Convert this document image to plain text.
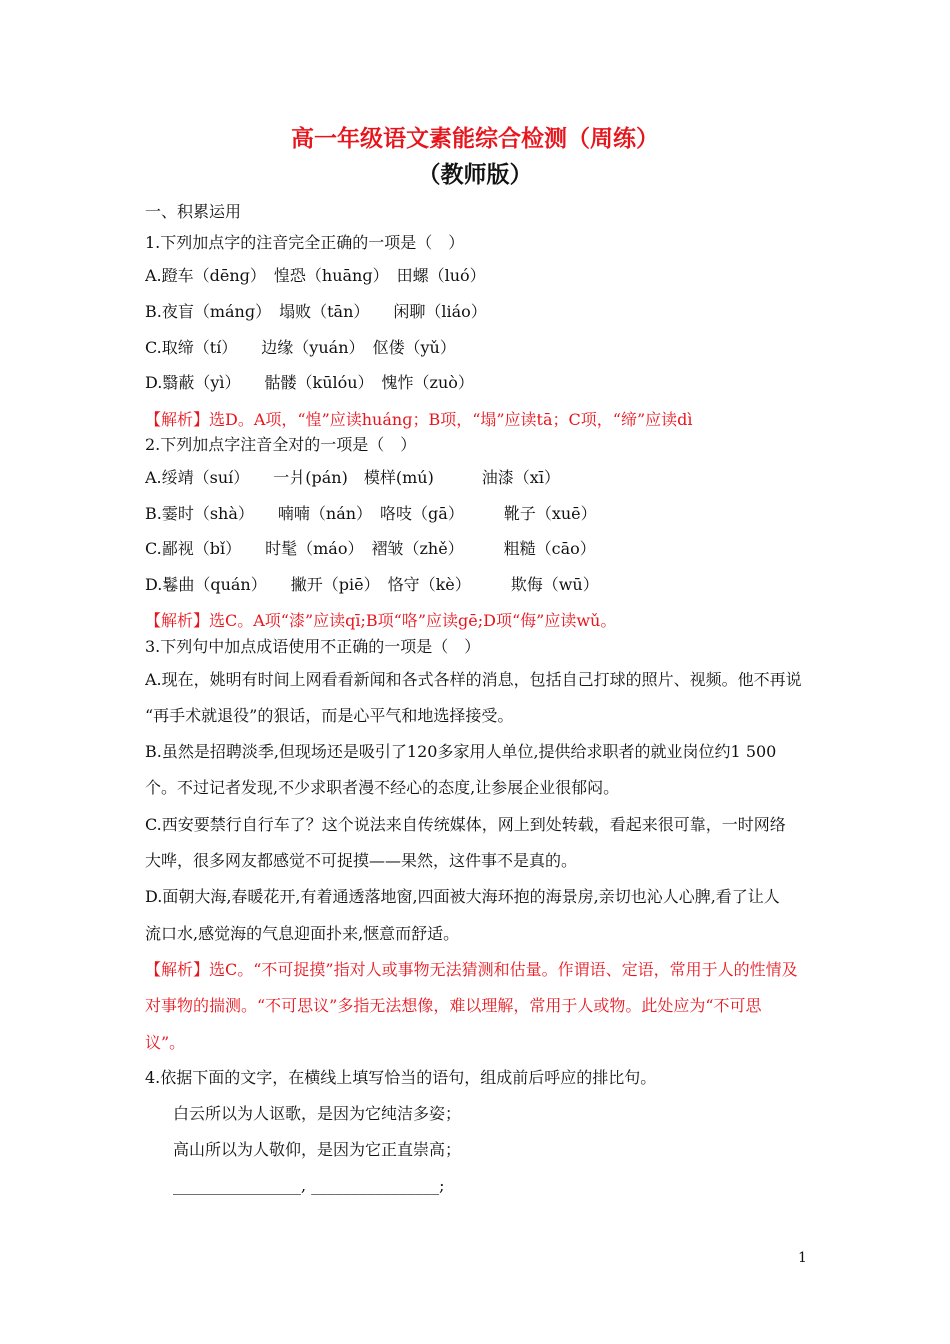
高一年级语文素能综合检测（周练）
（教师版）
一、积累运用
1.下列加点字的注音完全正确的一项是（　）
A.蹬车（dēnɡ）　惶恐（huānɡ）　田螺（luó）
B.夜盲（mánɡ）　塌败（tān）　　闲聊（liáo）
C.取缔（tí）　　边缘（yuán）　伛偻（yǔ）
D.翳蔽（yì）　　骷髅（kūlóu）　愧怍（zuò）
【解析】选D。A项，“惶”应读huánɡ；B项，“塌”应读tā；C项，“缔”应读dì
2.下列加点字注音全对的一项是（　）
A.绥靖（suí）　　一爿(pán)　模样(mú)　　　油漆（xī）
B.霎时（shà）　　喃喃（nán）　咯吱（gā）　　　靴子（xuē）
C.鄙视（bǐ）　　时髦（máo）　褶皱（zhě）　　　粗糙（cāo）
D.鬈曲（quán）　　撇开（piē）　恪守（kè）　　　欺侮（wū）
【解析】选C。A项“漆”应读qī;B项“咯”应读gē;D项“侮”应读wǔ。
3.下列句中加点成语使用不正确的一项是（　）
A.现在，姚明有时间上网看看新闻和各式各样的消息，包括自己打球的照片、视频。他不再说
“再手术就退役”的狠话，而是心平气和地选择接受。
B.虽然是招聘淡季,但现场还是吸引了120多家用人单位,提供给求职者的就业岗位约1 500
个。不过记者发现,不少求职者漫不经心的态度,让参展企业很郁闷。
C.西安要禁行自行车了？这个说法来自传统媒体，网上到处转载，看起来很可靠，一时网络
大哗，很多网友都感觉不可捉摸——果然，这件事不是真的。
D.面朝大海,春暖花开,有着通透落地窗,四面被大海环抱的海景房,亲切也沁人心脾,看了让人
流口水,感觉海的气息迎面扑来,惬意而舒适。
【解析】选C。“不可捉摸”指对人或事物无法猜测和估量。作谓语、定语，常用于人的性情及
对事物的揣测。“不可思议”多指无法想像，难以理解，常用于人或物。此处应为“不可思
议”。
4.依据下面的文字，在横线上填写恰当的语句，组成前后呼应的排比句。
白云所以为人讴歌，是因为它纯洁多姿；
高山所以为人敬仰，是因为它正直崇高；
________________, ________________;
1
